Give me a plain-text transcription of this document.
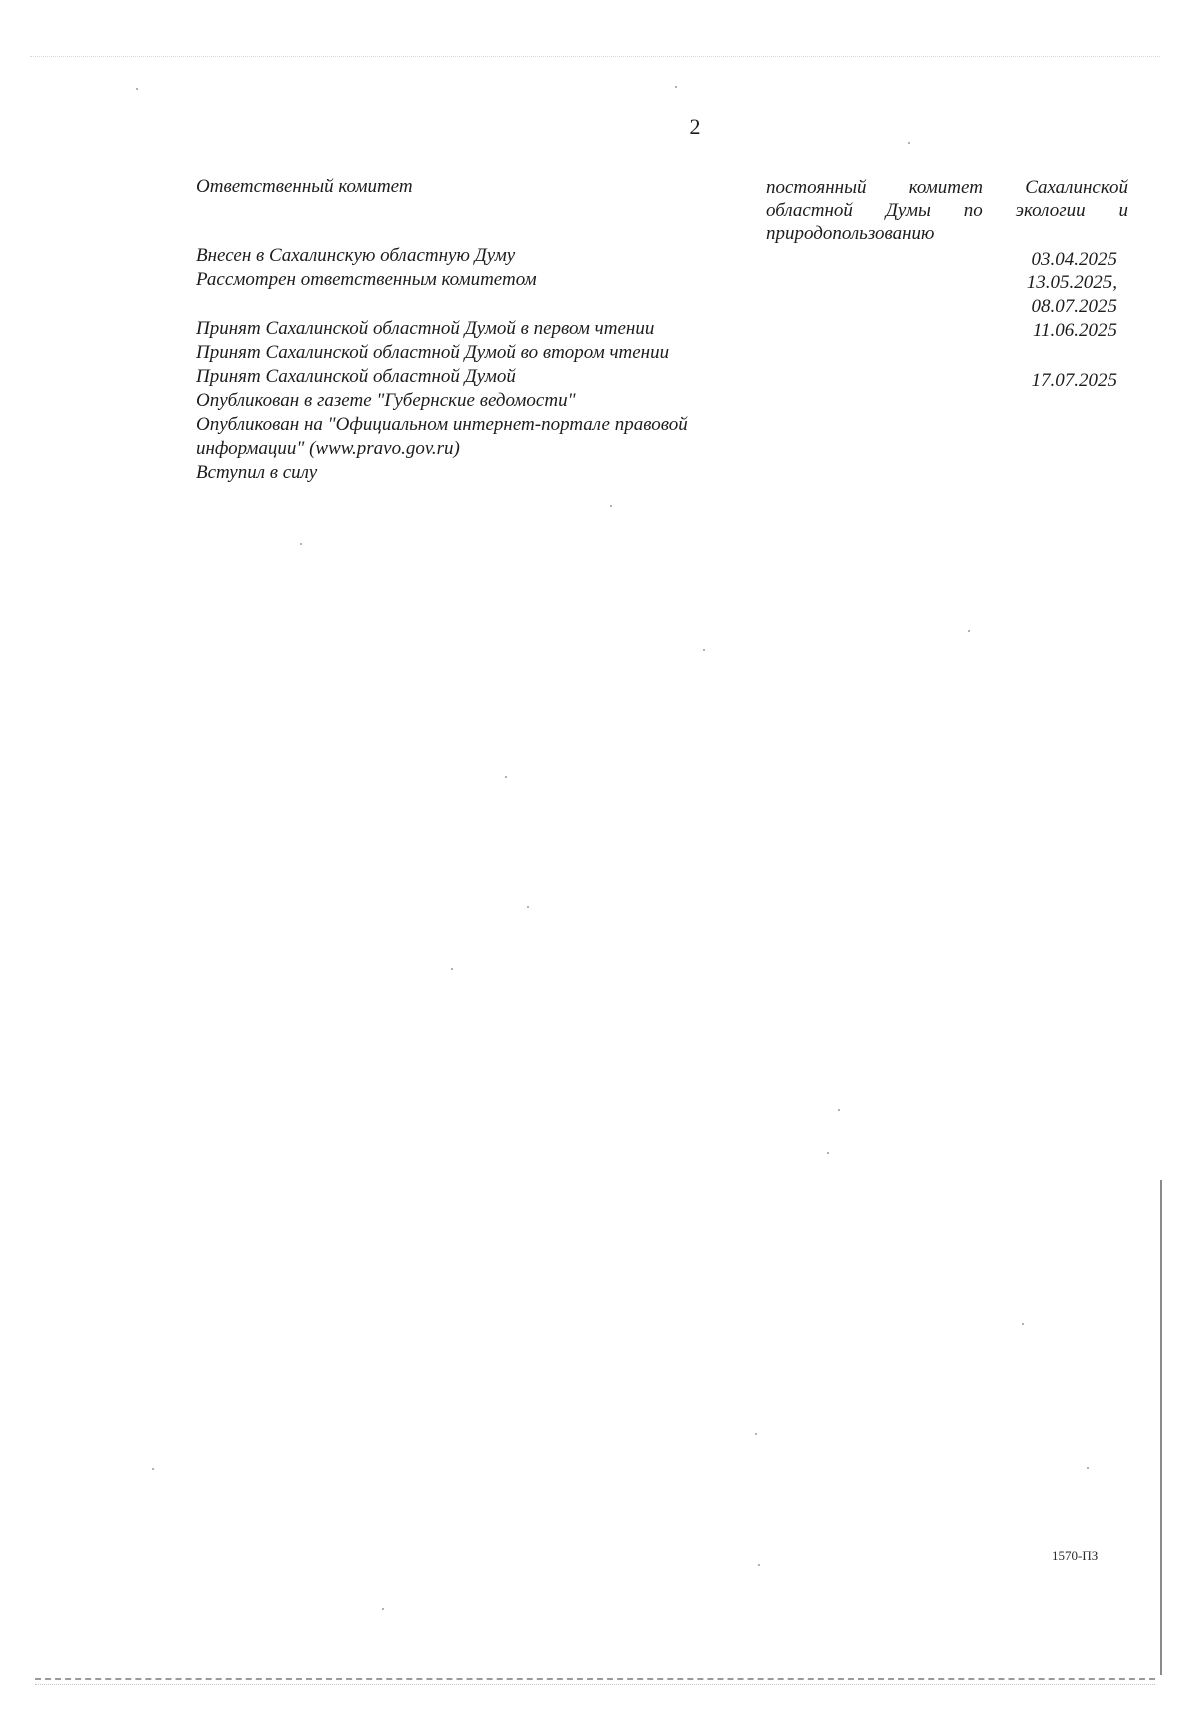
2
Ответственный комитет	постоянный комитет Сахалинской
областной Думы по экологии и
природопользованию
Внесен в Сахалинскую областную Думу	03.04.2025
Рассмотрен ответственным комитетом	13.05.2025,
08.07.2025
Принят Сахалинской областной Думой в первом чтении	11.06.2025
Принят Сахалинской областной Думой во втором чтении
Принят Сахалинской областной Думой	17.07.2025
Опубликован в газете "Губернские ведомости"
Опубликован на "Официальном интернет-портале правовой
информации" (www.pravo.gov.ru)
Вступил в силу
1570-ПЗ
